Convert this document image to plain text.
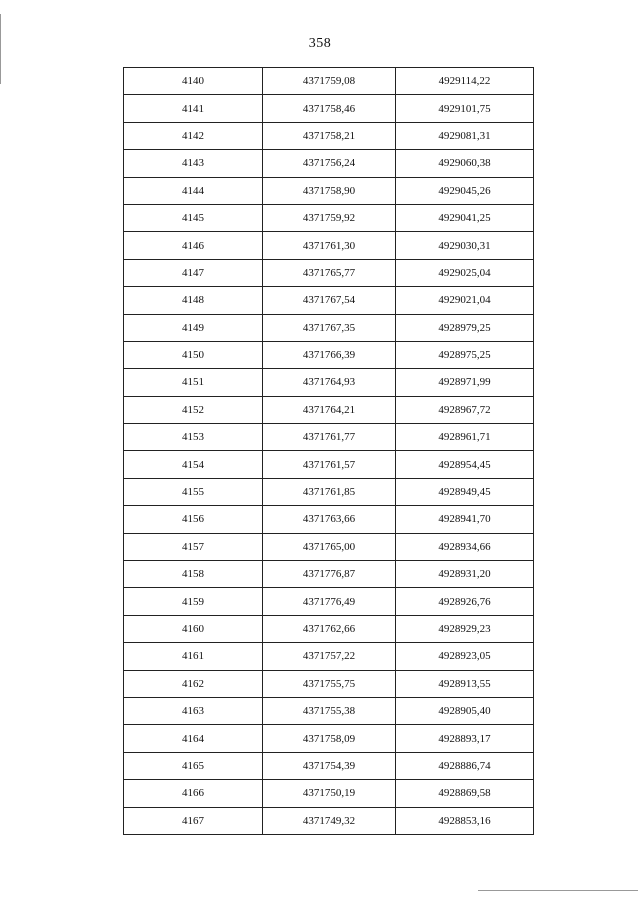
358
4140	4371759,08	4929114,22
4141	4371758,46	4929101,75
4142	4371758,21	4929081,31
4143	4371756,24	4929060,38
4144	4371758,90	4929045,26
4145	4371759,92	4929041,25
4146	4371761,30	4929030,31
4147	4371765,77	4929025,04
4148	4371767,54	4929021,04
4149	4371767,35	4928979,25
4150	4371766,39	4928975,25
4151	4371764,93	4928971,99
4152	4371764,21	4928967,72
4153	4371761,77	4928961,71
4154	4371761,57	4928954,45
4155	4371761,85	4928949,45
4156	4371763,66	4928941,70
4157	4371765,00	4928934,66
4158	4371776,87	4928931,20
4159	4371776,49	4928926,76
4160	4371762,66	4928929,23
4161	4371757,22	4928923,05
4162	4371755,75	4928913,55
4163	4371755,38	4928905,40
4164	4371758,09	4928893,17
4165	4371754,39	4928886,74
4166	4371750,19	4928869,58
4167	4371749,32	4928853,16
